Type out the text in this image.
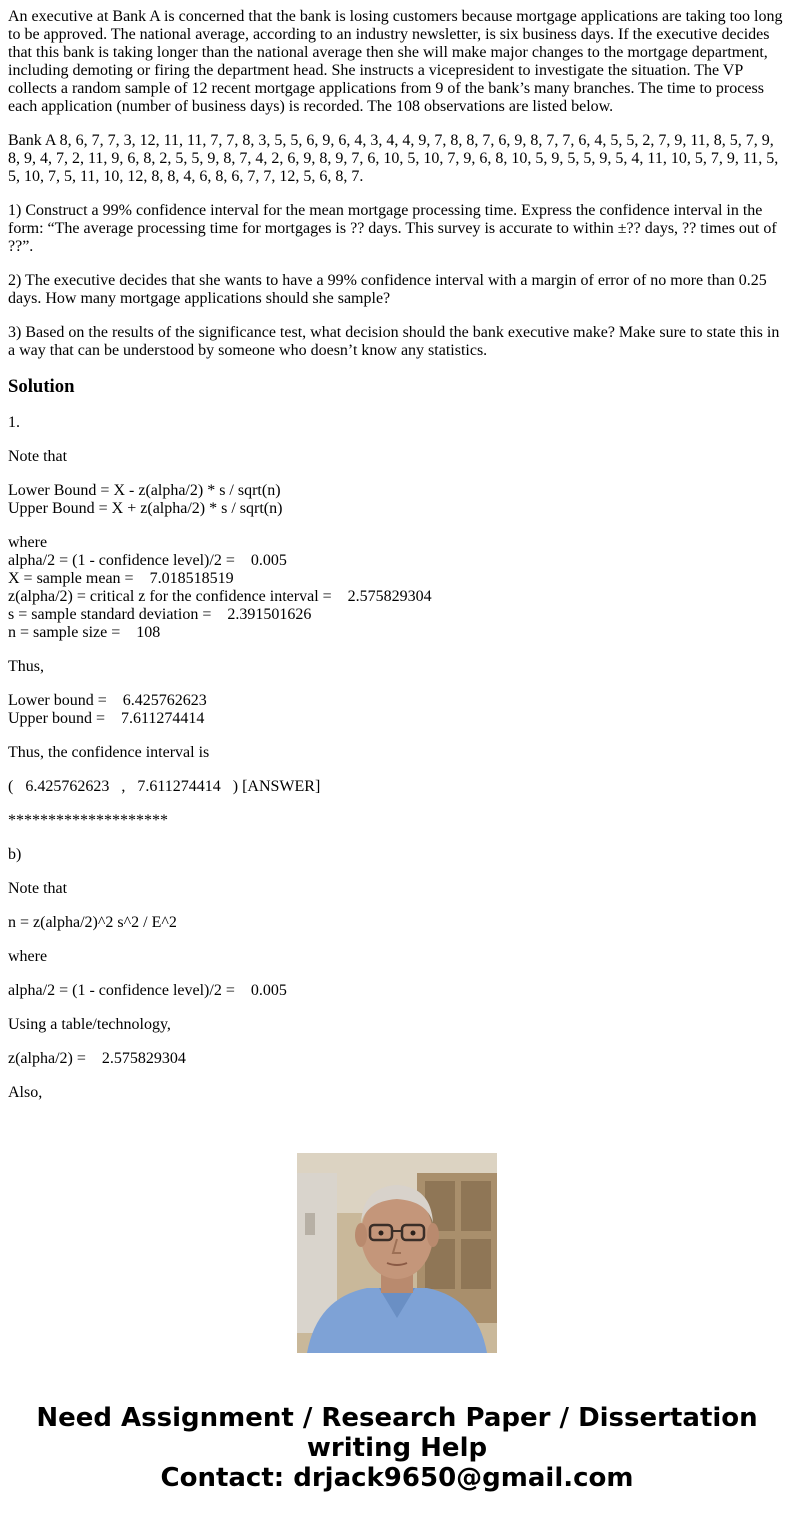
An executive at Bank A is concerned that the bank is losing customers because mortgage applications are taking too long to be approved. The national average, according to an industry newsletter, is six business days. If the executive decides that this bank is taking longer than the national average then she will make major changes to the mortgage department, including demoting or firing the department head. She instructs a vicepresident to investigate the situation. The VP collects a random sample of 12 recent mortgage applications from 9 of the bank’s many branches. The time to process each application (number of business days) is recorded. The 108 observations are listed below.

Bank A 8, 6, 7, 7, 3, 12, 11, 11, 7, 7, 8, 3, 5, 5, 6, 9, 6, 4, 3, 4, 4, 9, 7, 8, 8, 7, 6, 9, 8, 7, 7, 6, 4, 5, 5, 2, 7, 9, 11, 8, 5, 7, 9, 8, 9, 4, 7, 2, 11, 9, 6, 8, 2, 5, 5, 9, 8, 7, 4, 2, 6, 9, 8, 9, 7, 6, 10, 5, 10, 7, 9, 6, 8, 10, 5, 9, 5, 5, 9, 5, 4, 11, 10, 5, 7, 9, 11, 5, 5, 10, 7, 5, 11, 10, 12, 8, 8, 4, 6, 8, 6, 7, 7, 12, 5, 6, 8, 7.

1) Construct a 99% confidence interval for the mean mortgage processing time. Express the confidence interval in the form: “The average processing time for mortgages is ?? days. This survey is accurate to within ±?? days, ?? times out of ??”.

2) The executive decides that she wants to have a 99% confidence interval with a margin of error of no more than 0.25 days. How many mortgage applications should she sample?

3) Based on the results of the significance test, what decision should the bank executive make? Make sure to state this in a way that can be understood by someone who doesn’t know any statistics.

Solution

1.

Note that

Lower Bound = X - z(alpha/2) * s / sqrt(n)
Upper Bound = X + z(alpha/2) * s / sqrt(n)

where
alpha/2 = (1 - confidence level)/2 =    0.005
X = sample mean =    7.018518519
z(alpha/2) = critical z for the confidence interval =    2.575829304
s = sample standard deviation =    2.391501626
n = sample size =    108

Thus,

Lower bound =    6.425762623
Upper bound =    7.611274414

Thus, the confidence interval is

(   6.425762623   ,   7.611274414   ) [ANSWER]

********************

b)

Note that

n = z(alpha/2)^2 s^2 / E^2

where

alpha/2 = (1 - confidence level)/2 =    0.005

Using a table/technology,

z(alpha/2) =    2.575829304

Also,

Need Assignment / Research Paper / Dissertation
writing Help
Contact: drjack9650@gmail.com
